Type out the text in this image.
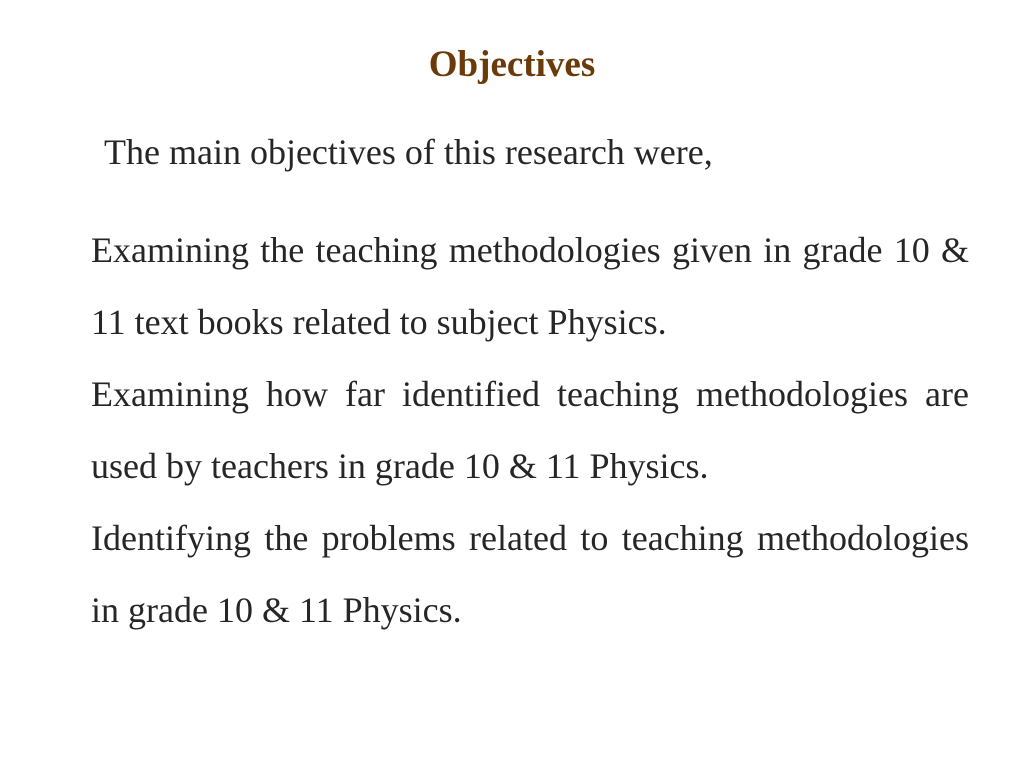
Objectives
The main objectives of this research were,
Examining the teaching methodologies given in grade 10 & 11 text books related to subject Physics.
Examining how far identified teaching methodologies are used by teachers in grade 10 & 11 Physics.
Identifying the problems related to teaching methodologies in grade 10 & 11 Physics.
